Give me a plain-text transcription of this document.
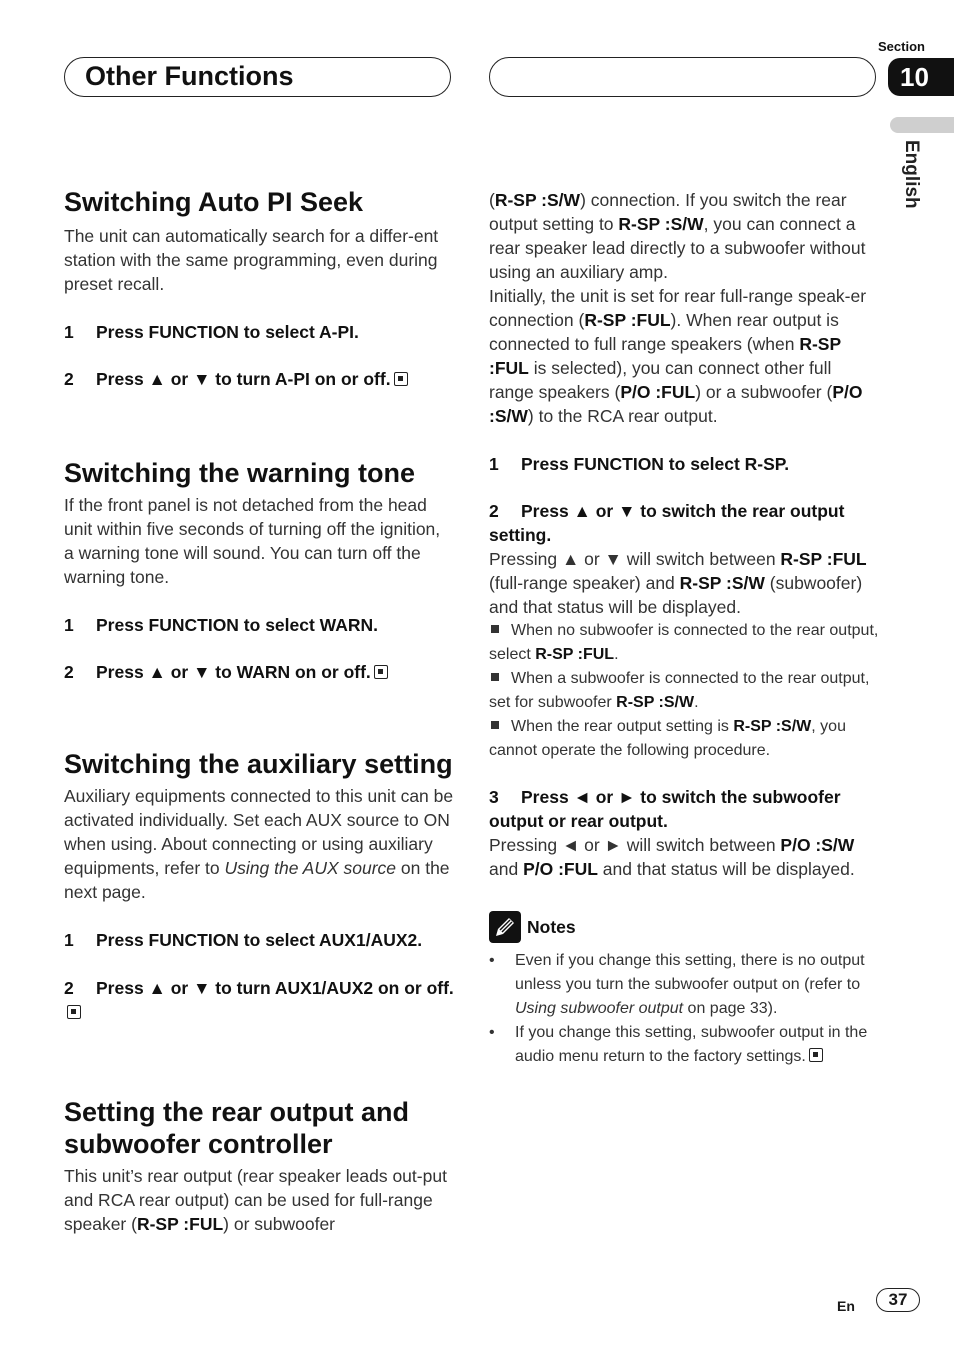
Other Functions
Section
10
English
Switching Auto PI Seek

The unit can automatically search for a differ-ent station with the same programming, even during preset recall.

1 Press FUNCTION to select A-PI.
2 Press ▲ or ▼ to turn A-PI on or off.
Switching the warning tone

If the front panel is not detached from the head unit within five seconds of turning off the ignition, a warning tone will sound. You can turn off the warning tone.

1 Press FUNCTION to select WARN.
2 Press ▲ or ▼ to WARN on or off.
Switching the auxiliary setting

Auxiliary equipments connected to this unit can be activated individually. Set each AUX source to ON when using. About connecting or using auxiliary equipments, refer to Using the AUX source on the next page.

1 Press FUNCTION to select AUX1/AUX2.
2 Press ▲ or ▼ to turn AUX1/AUX2 on or off.
Setting the rear output and
subwoofer controller

This unit’s rear output (rear speaker leads out-put and RCA rear output) can be used for full-range speaker (R-SP :FUL) or subwoofer

(R-SP :S/W) connection. If you switch the rear output setting to R-SP :S/W, you can connect a rear speaker lead directly to a subwoofer without using an auxiliary amp.

Initially, the unit is set for rear full-range speak-er connection (R-SP :FUL). When rear output is connected to full range speakers (when R-SP :FUL is selected), you can connect other full range speakers (P/O :FUL) or a subwoofer (P/O :S/W) to the RCA rear output.

1 Press FUNCTION to select R-SP.
2 Press ▲ or ▼ to switch the rear output
setting.

Pressing ▲ or ▼ will switch between R-SP :FUL (full-range speaker) and R-SP :S/W (subwoofer) and that status will be displayed.

When no subwoofer is connected to the rear output, select R-SP :FUL.
When a subwoofer is connected to the rear output, set for subwoofer R-SP :S/W.
When the rear output setting is R-SP :S/W, you cannot operate the following procedure.
3 Press ◄ or ► to switch the subwoofer
output or rear output.

Pressing ◄ or ► will switch between P/O :S/W and P/O :FUL and that status will be displayed.

Notes
• Even if you change this setting, there is no output unless you turn the subwoofer output on (refer to Using subwoofer output on page 33).
• If you change this setting, subwoofer output in the audio menu return to the factory settings.
En	37
